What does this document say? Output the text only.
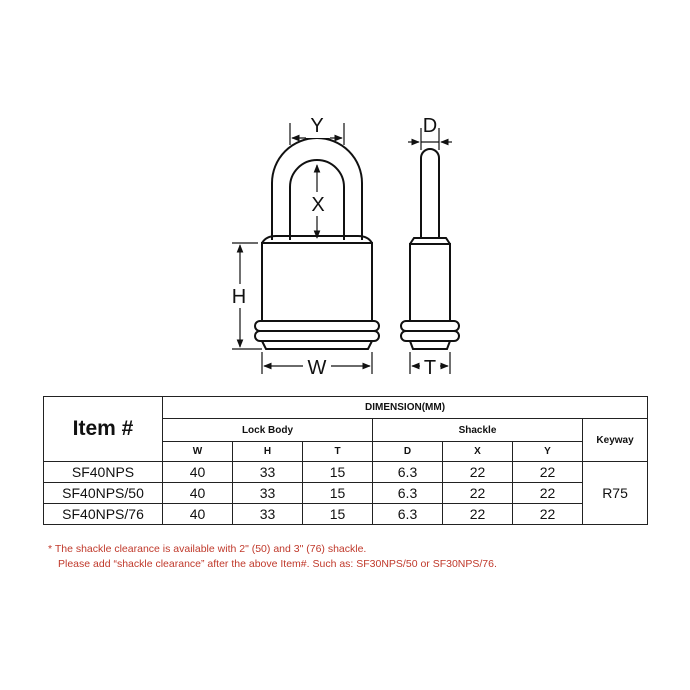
Y
X
H
W
D
T
Item #	DIMENSION(MM)						
	Lock Body			Shackle			Keyway
	W	H	T	D	X	Y	
SF40NPS	40	33	15	6.3	22	22	R75
SF40NPS/50	40	33	15	6.3	22	22	
SF40NPS/76	40	33	15	6.3	22	22	
* The shackle clearance is available with 2" (50) and 3" (76) shackle.
Please add “shackle clearance” after the above Item#. Such as: SF30NPS/50 or SF30NPS/76.
